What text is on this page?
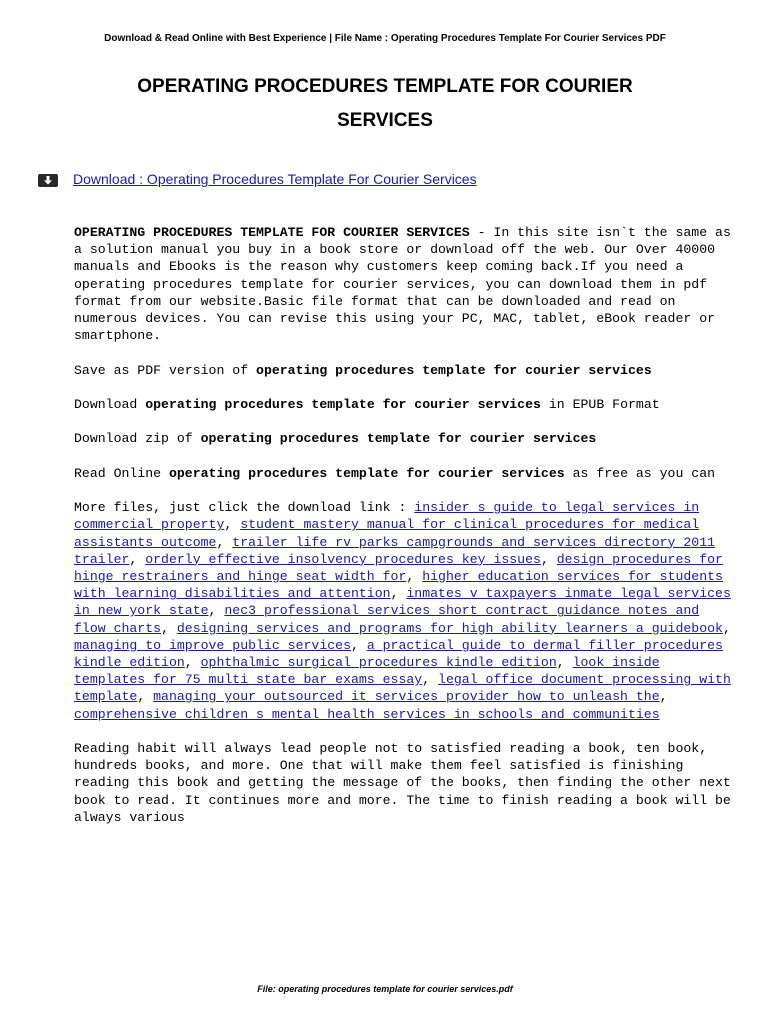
Download & Read Online with Best Experience | File Name : Operating Procedures Template For Courier Services PDF
OPERATING PROCEDURES TEMPLATE FOR COURIER
SERVICES
Download : Operating Procedures Template For Courier Services

OPERATING PROCEDURES TEMPLATE FOR COURIER SERVICES - In this site isn`t the same as a solution manual you buy in a book store or download off the web. Our Over 40000 manuals and Ebooks is the reason why customers keep coming back.If you need a operating procedures template for courier services, you can download them in pdf format from our website.Basic file format that can be downloaded and read on numerous devices. You can revise this using your PC, MAC, tablet, eBook reader or smartphone.

Save as PDF version of operating procedures template for courier services

Download operating procedures template for courier services in EPUB Format

Download zip of operating procedures template for courier services

Read Online operating procedures template for courier services as free as you can

More files, just click the download link : insider s guide to legal services in commercial property, student mastery manual for clinical procedures for medical assistants outcome, trailer life rv parks campgrounds and services directory 2011 trailer, orderly effective insolvency procedures key issues, design procedures for hinge restrainers and hinge seat width for, higher education services for students with learning disabilities and attention, inmates v taxpayers inmate legal services in new york state, nec3 professional services short contract guidance notes and flow charts, designing services and programs for high ability learners a guidebook, managing to improve public services, a practical guide to dermal filler procedures kindle edition, ophthalmic surgical procedures kindle edition, look inside templates for 75 multi state bar exams essay, legal office document processing with template, managing your outsourced it services provider how to unleash the, comprehensive children s mental health services in schools and communities

Reading habit will always lead people not to satisfied reading a book, ten book, hundreds books, and more. One that will make them feel satisfied is finishing reading this book and getting the message of the books, then finding the other next book to read. It continues more and more. The time to finish reading a book will be always various

File: operating procedures template for courier services.pdf
